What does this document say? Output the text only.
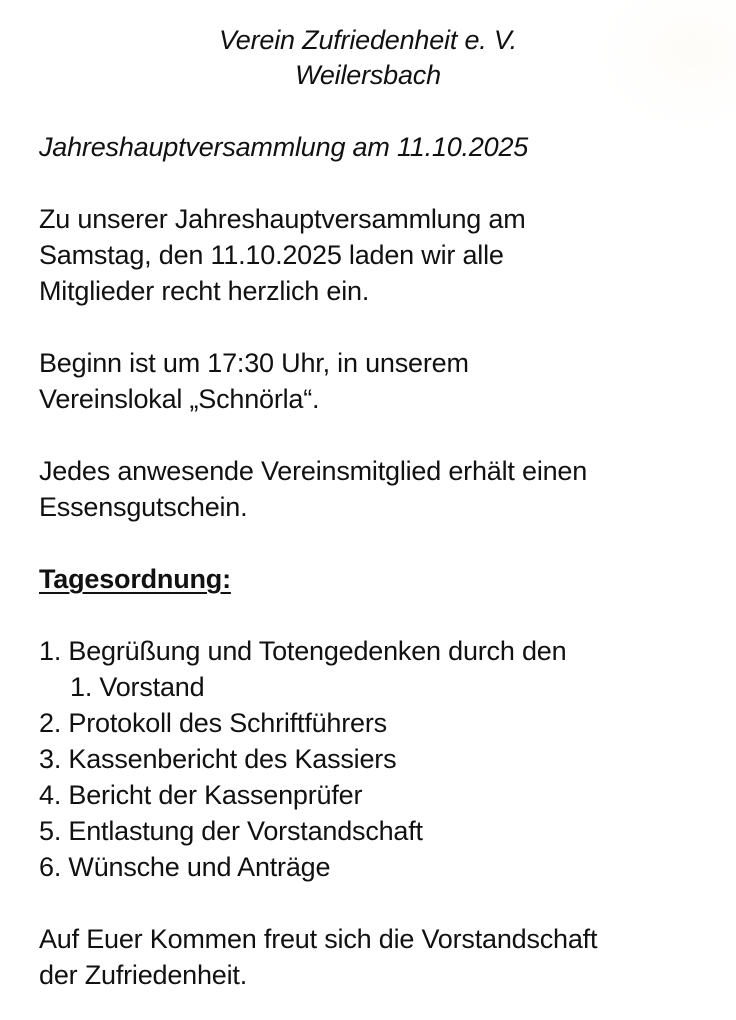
Verein Zufriedenheit e. V.
Weilersbach
Jahreshauptversammlung am 11.10.2025
Zu unserer Jahreshauptversammlung am
Samstag, den 11.10.2025 laden wir alle
Mitglieder recht herzlich ein.
Beginn ist um 17:30 Uhr, in unserem
Vereinslokal „Schnörla“.
Jedes anwesende Vereinsmitglied erhält einen
Essensgutschein.
Tagesordnung:
1. Begrüßung und Totengedenken durch den
1. Vorstand
2. Protokoll des Schriftführers
3. Kassenbericht des Kassiers
4. Bericht der Kassenprüfer
5. Entlastung der Vorstandschaft
6. Wünsche und Anträge
Auf Euer Kommen freut sich die Vorstandschaft
der Zufriedenheit.
